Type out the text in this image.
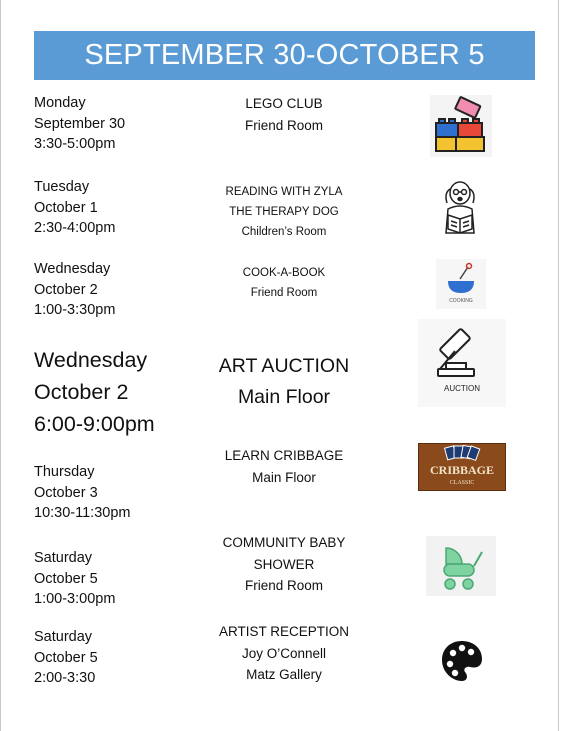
SEPTEMBER 30-OCTOBER 5
Monday
September 30
3:30-5:00pm
LEGO CLUB
Friend Room
Tuesday
October 1
2:30-4:00pm
READING WITH ZYLA
THE THERAPY DOG
Children’s Room
Wednesday
October 2
1:00-3:30pm
COOK-A-BOOK
Friend Room
COOKING
Wednesday
October 2
6:00-9:00pm
ART AUCTION
Main Floor	AUCTION
Thursday
October 3
10:30-11:30pm
LEARN CRIBBAGE
Main Floor	CRIBBAGE
CLASSIC
Saturday
October 5
1:00-3:00pm
COMMUNITY BABY
SHOWER
Friend Room
Saturday
October 5
2:00-3:30
ARTIST RECEPTION
Joy O’Connell
Matz Gallery
